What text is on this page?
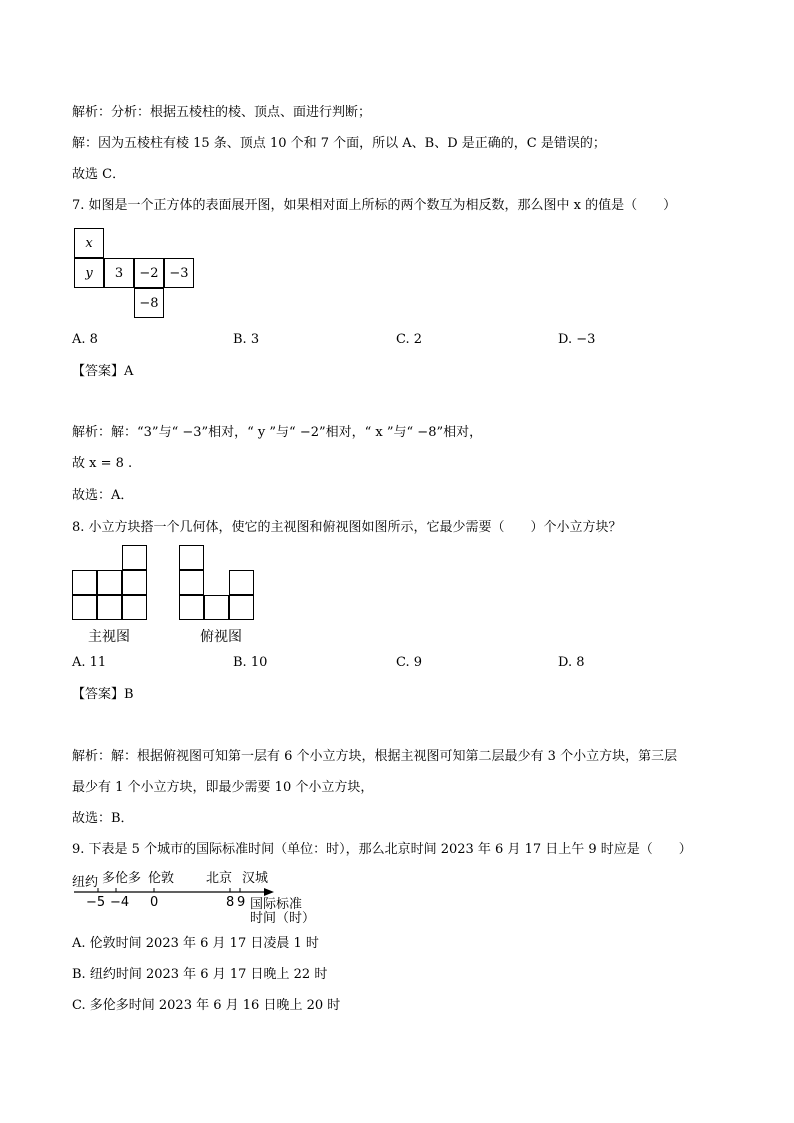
解析：分析：根据五棱柱的棱、顶点、面进行判断；
解：因为五棱柱有棱 15 条、顶点 10 个和 7 个面，所以 A、B、D 是正确的，C 是错误的；
故选 C．
7. 如图是一个正方体的表面展开图，如果相对面上所标的两个数互为相反数，那么图中 x 的值是（　　）
x
y	3	−2 −3
−8
A. 8	B. 3	C. 2	D. −3
【答案】A
解析：解：“3”与“ −3”相对，“ y ”与“ −2”相对，“ x ”与“ −8”相对，
故 x = 8 .
故选：A．
8. 小立方块搭一个几何体，使它的主视图和俯视图如图所示，它最少需要（　　）个小立方块？
主视图	俯视图
A. 11	B. 10	C. 9	D. 8
【答案】B
解析：解：根据俯视图可知第一层有 6 个小立方块，根据主视图可知第二层最少有 3 个小立方块，第三层
最少有 1 个小立方块，即最少需要 10 个小立方块，
故选：B．
9. 下表是 5 个城市的国际标准时间（单位：时），那么北京时间 2023 年 6 月 17 日上午 9 时应是（　　）
纽约 多伦多 伦敦 北京 汉城
−5 −4 0	8 9 国际标准
时间（时）
A. 伦敦时间 2023 年 6 月 17 日凌晨 1 时
B. 纽约时间 2023 年 6 月 17 日晚上 22 时
C. 多伦多时间 2023 年 6 月 16 日晚上 20 时
